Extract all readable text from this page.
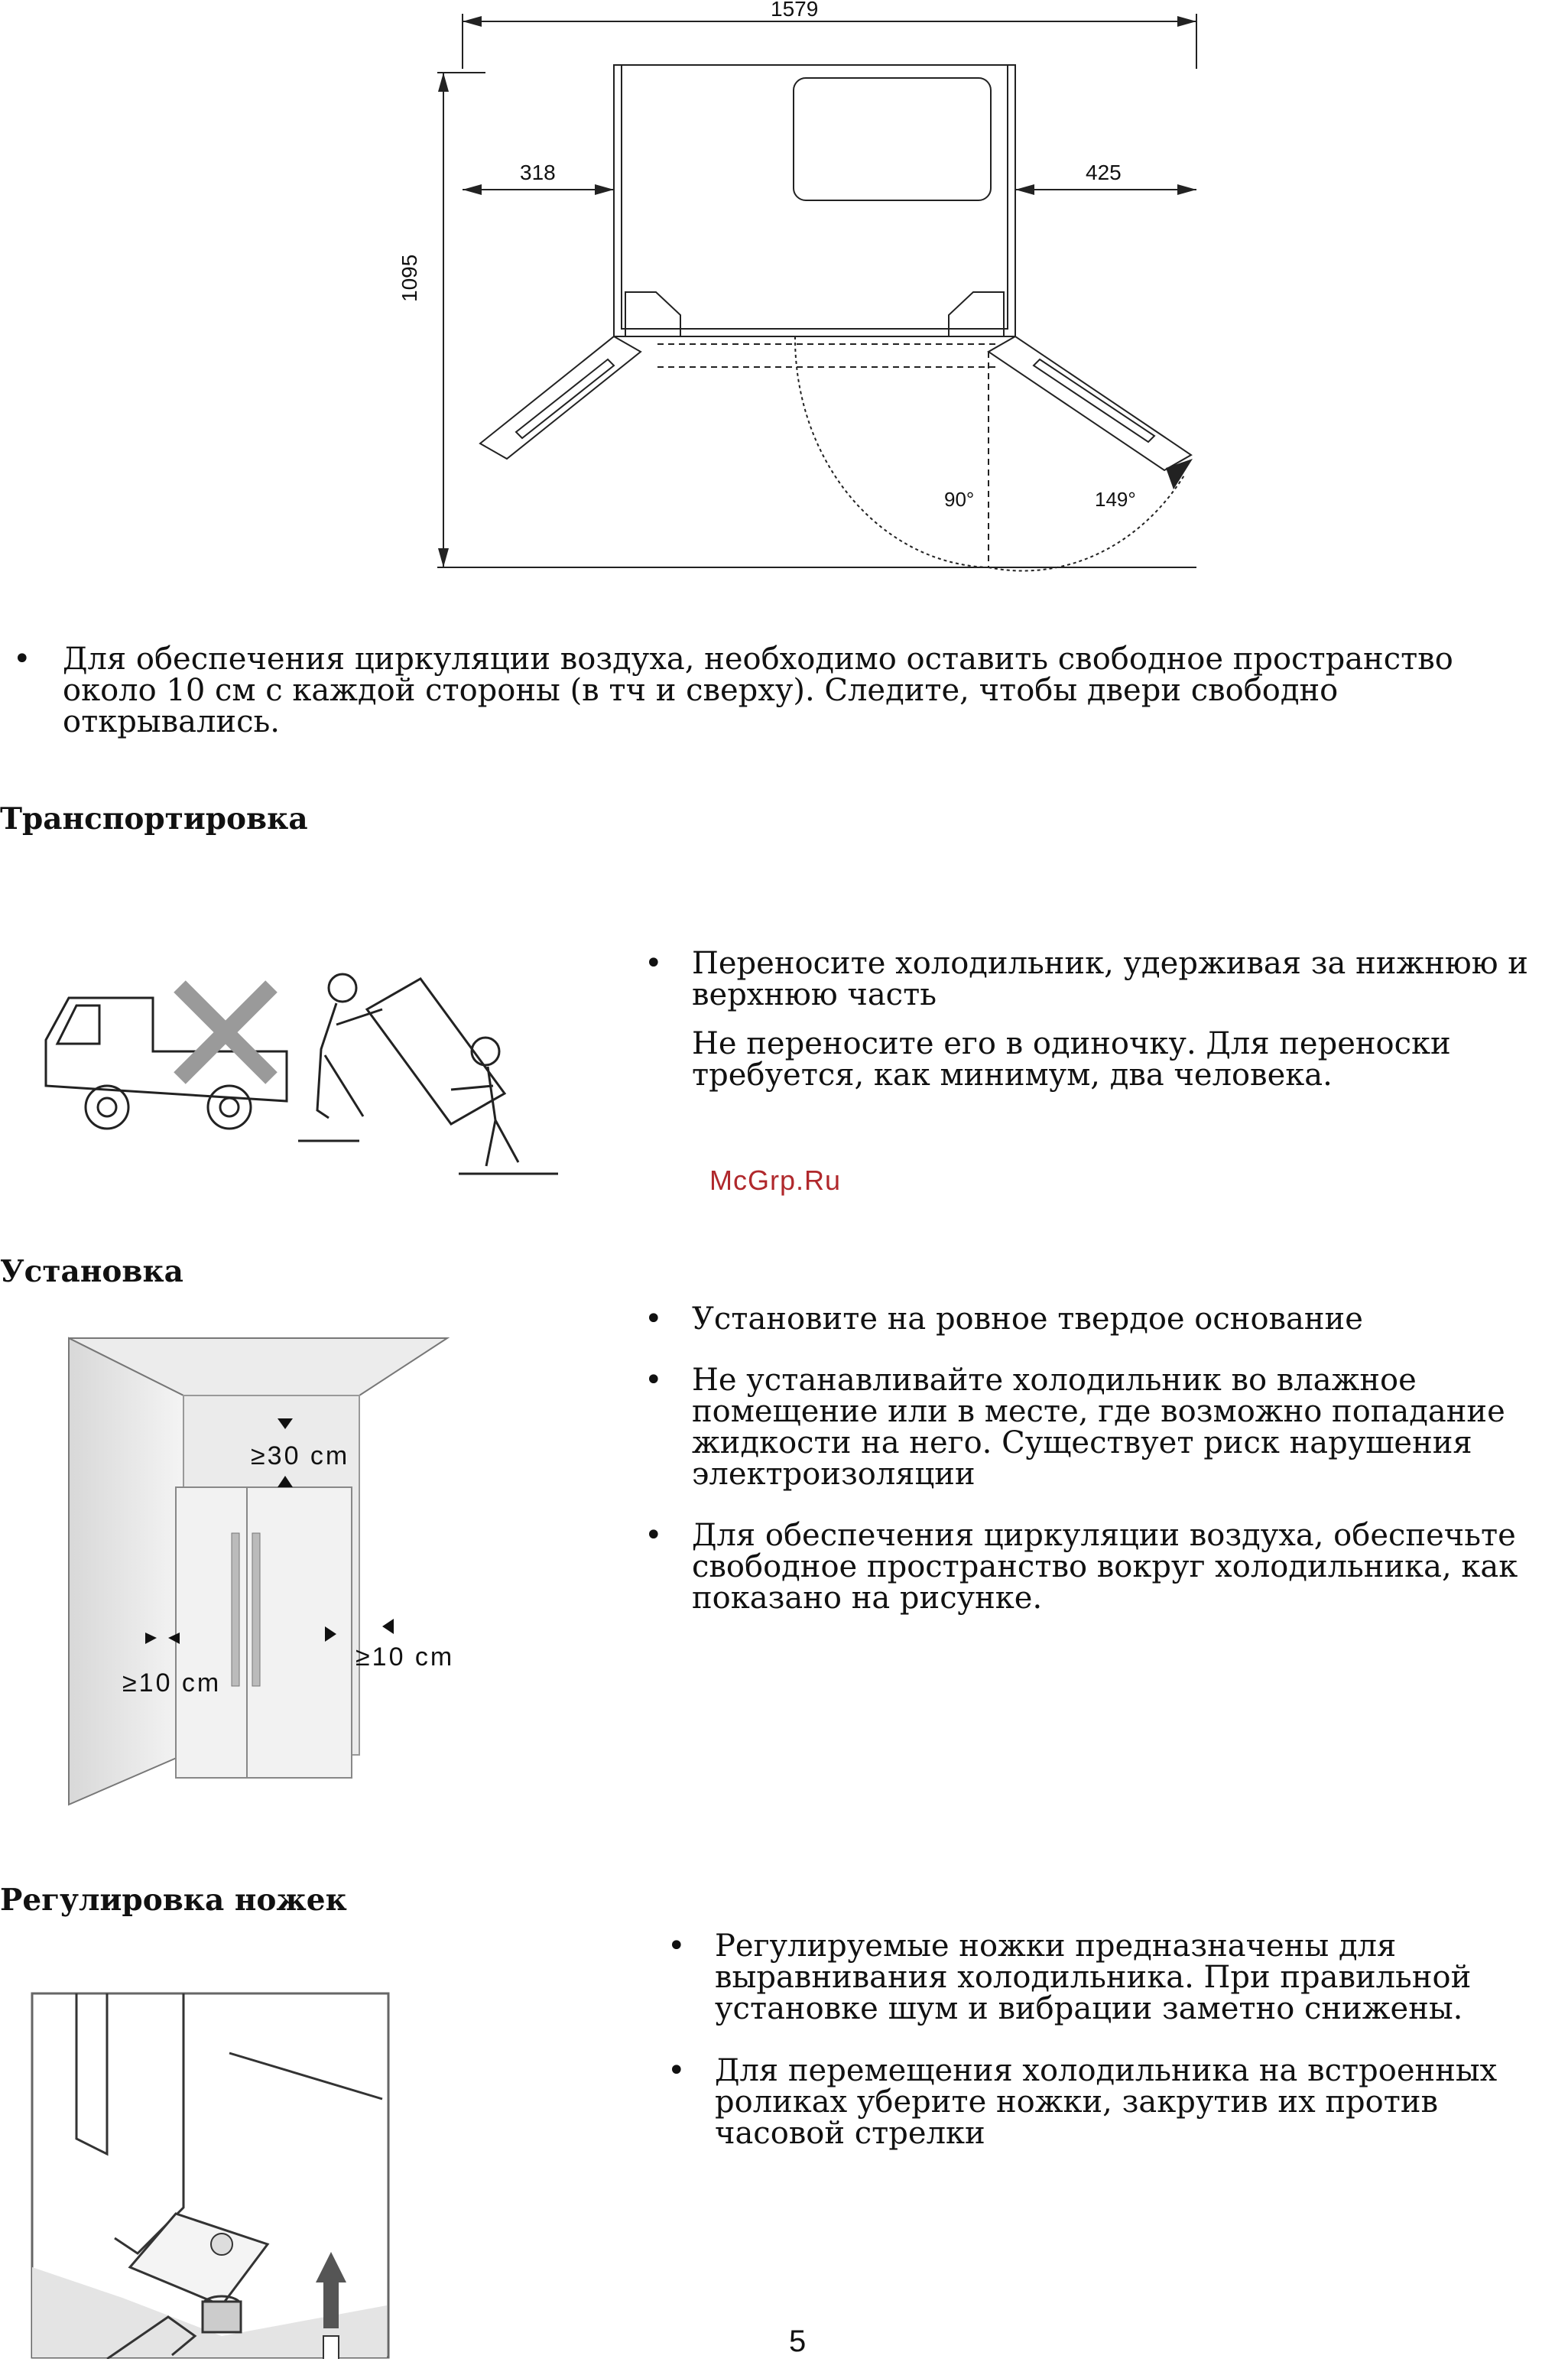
1579
318	425
1095
90°	149°
• Для обеспечения циркуляции воздуха, необходимо оставить свободное пространство около 10 см с каждой стороны (в тч и сверху). Следите, чтобы двери свободно открывались.
Транспортировка
• Переносите холодильник, удерживая за нижнюю и верхнюю часть
Не переносите его в одиночку. Для переноски требуется, как минимум, два человека.
McGrp.Ru
Установка
≥30 cm
≥10 cm
≥10 cm
• Установите на ровное твердое основание
• Не устанавливайте холодильник во влажное помещение или в месте, где возможно попадание жидкости на него. Существует риск нарушения электроизоляции
• Для обеспечения циркуляции воздуха, обеспечьте свободное пространство вокруг холодильника, как показано на рисунке.
Регулировка ножек
• Регулируемые ножки предназначены для выравнивания холодильника. При правильной установке шум и вибрации заметно снижены.
• Для перемещения холодильника на встроенных роликах уберите ножки, закрутив их против часовой стрелки
5
